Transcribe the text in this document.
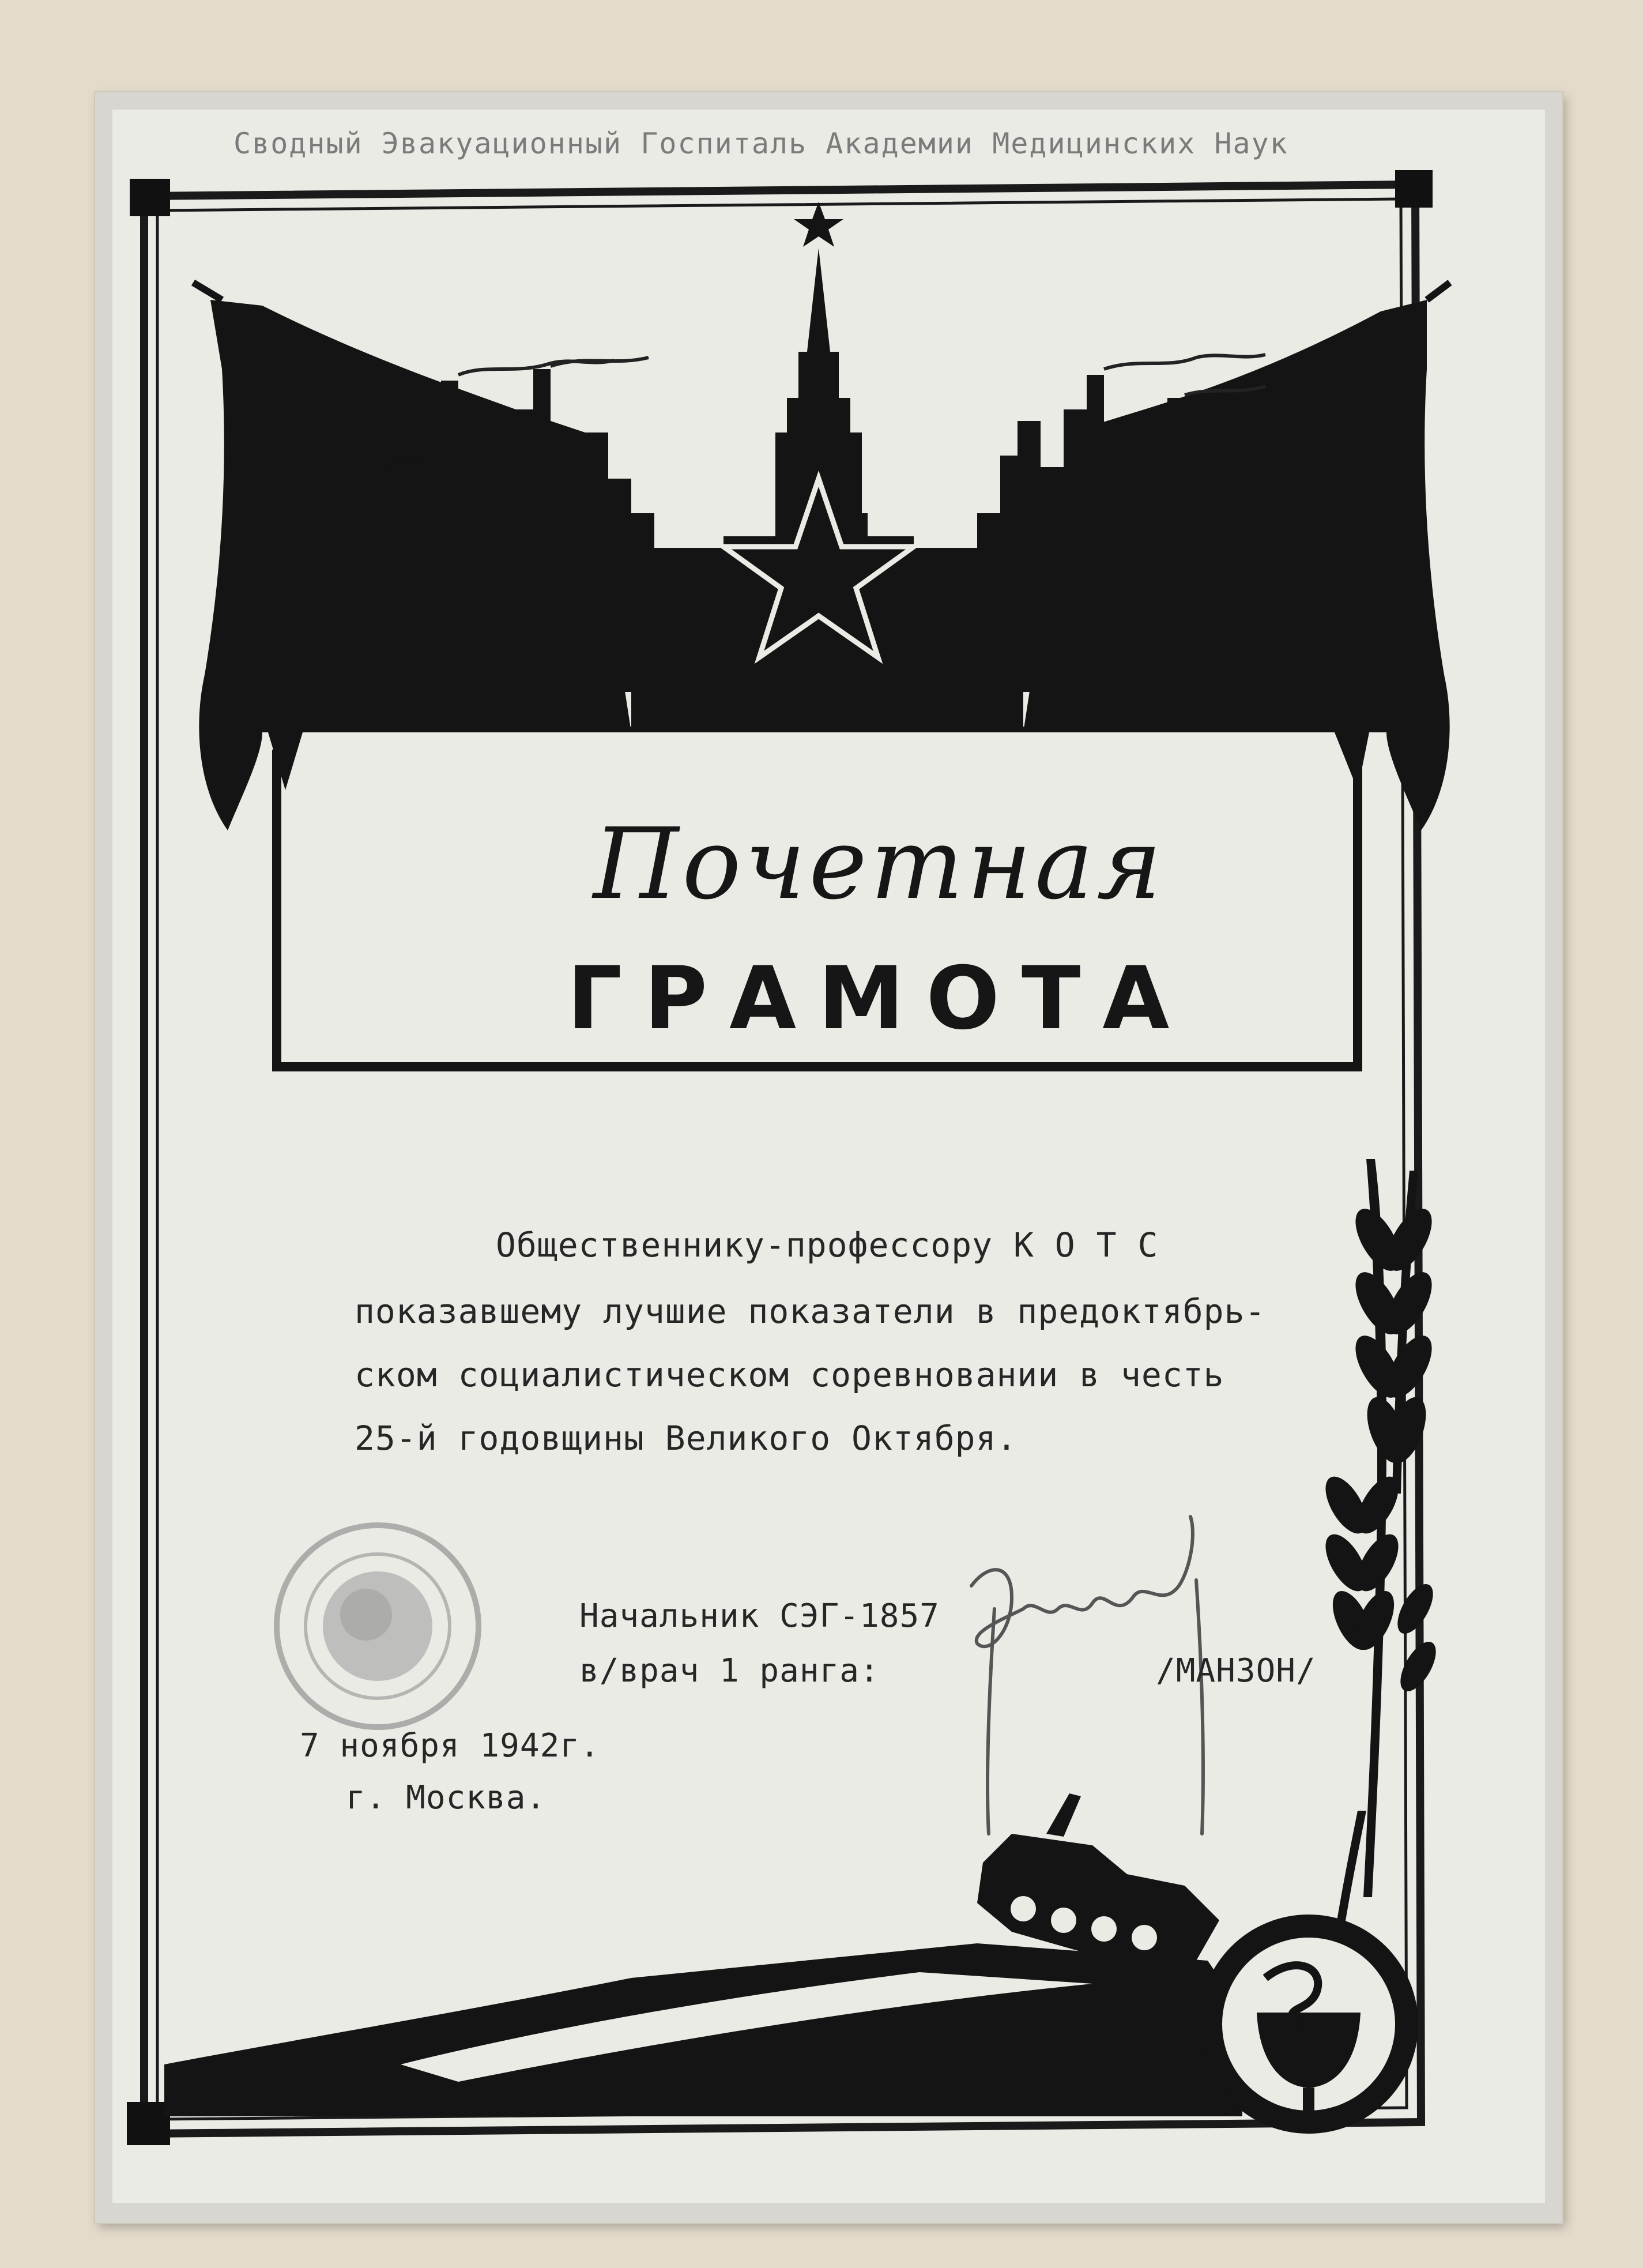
Сводный Эвакуационный Госпиталь Академии Медицинских Наук
Почетная
ГРАМОТА
Общественнику-профессору К О Т С
показавшему лучшие показатели в предоктябрь-
ском социалистическом соревновании в честь
25-й годовщины Великого Октября.
Начальник СЭГ-1857
в/врач 1 ранга:	/МАНЗОН/
7 ноября 1942г.
г. Москва.
